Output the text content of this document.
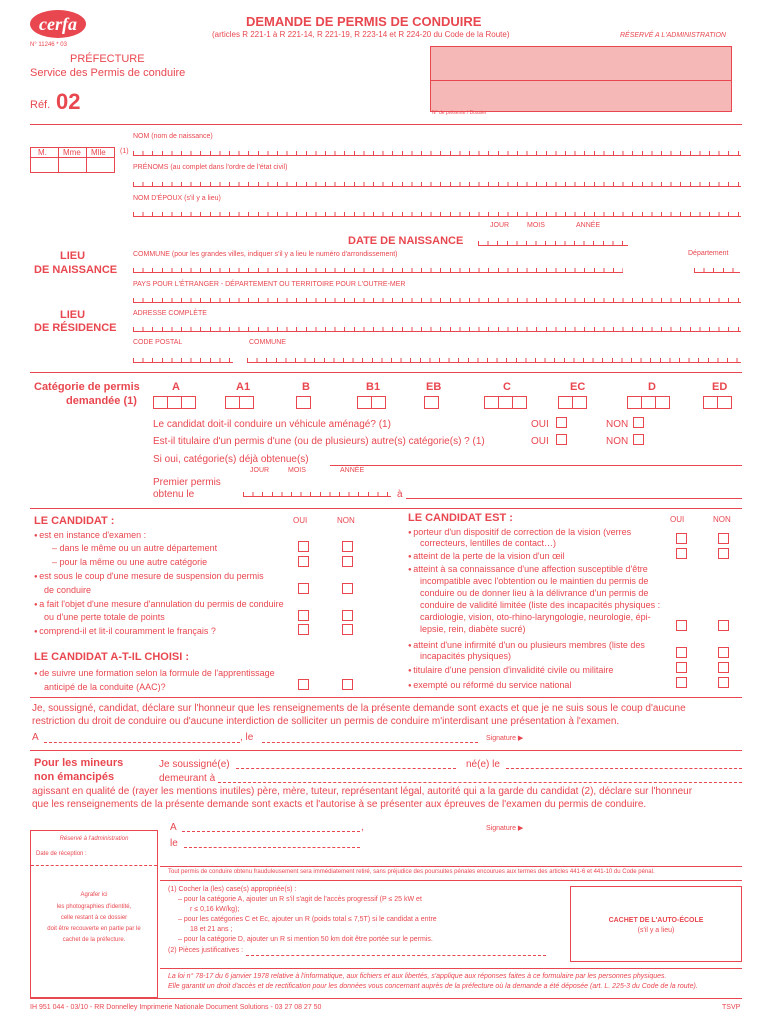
cerfa
N° 11246 * 03
DEMANDE DE PERMIS DE CONDUIRE
(articles R 221-1 à R 221-14, R 221-19, R 223-14 et R 224-20 du Code de la Route)	RÉSERVÉ A L'ADMINISTRATION
PRÉFECTURE
Service des Permis de conduire
Réf. 02	N° de présente / Dossier
M. Mme Mlle (1)
NOM (nom de naissance)
PRÉNOMS (au complet dans l'ordre de l'état civil)
NOM D'ÉPOUX (s'il y a lieu)
DATE DE NAISSANCE
JOUR	MOIS	ANNÉE
LIEU
DE NAISSANCE
COMMUNE (pour les grandes villes, indiquer s'il y a lieu le numéro d'arrondissement)	Département
PAYS POUR L'ÉTRANGER - DÉPARTEMENT OU TERRITOIRE POUR L'OUTRE-MER
LIEU
DE RÉSIDENCE
ADRESSE COMPLÈTE
CODE POSTAL	COMMUNE
Catégorie de permis
demandée (1)
A	A1	B	B1	EB	C	EC	D	ED
Le candidat doit-il conduire un véhicule aménagé? (1)	OUI	NON
Est-il titulaire d'un permis d'une (ou de plusieurs) autre(s) catégorie(s) ? (1)	OUI	NON
Si oui, catégorie(s) déjà obtenue(s)
JOUR	MOIS	ANNÉE
Premier permis
obtenu le	à
LE CANDIDAT :	OUI	NON
● est en instance d'examen :
– dans le même ou un autre département
– pour la même ou une autre catégorie
● est sous le coup d'une mesure de suspension du permis
de conduire
● a fait l'objet d'une mesure d'annulation du permis de conduire
ou d'une perte totale de points
● comprend-il et lit-il couramment le français ?
LE CANDIDAT A-T-IL CHOISI :
● de suivre une formation selon la formule de l'apprentissage
anticipé de la conduite (AAC)?
LE CANDIDAT EST :	OUI	NON
● porteur d'un dispositif de correction de la vision (verres
correcteurs, lentilles de contact…)
● atteint de la perte de la vision d'un œil
● atteint à sa connaissance d'une affection susceptible d'être
incompatible avec l'obtention ou le maintien du permis de
conduire ou de donner lieu à la délivrance d'un permis de
conduire de validité limitée (liste des incapacités physiques :
cardiologie, vision, oto-rhino-laryngologie, neurologie, épi-
lepsie, rein, diabète sucré)
● atteint d'une infirmité d'un ou plusieurs membres (liste des
incapacités physiques)
● titulaire d'une pension d'invalidité civile ou militaire
● exempté ou réformé du service national
Je, soussigné, candidat, déclare sur l'honneur que les renseignements de la présente demande sont exacts et que je ne suis sous le coup d'aucune
restriction du droit de conduire ou d'aucune interdiction de solliciter un permis de conduire m'interdisant une présentation à l'examen.
A	, le	Signature ▶
Pour les mineurs
non émancipés
Je soussigné(e)	né(e) le
demeurant à
agissant en qualité de (rayer les mentions inutiles) père, mère, tuteur, représentant légal, autorité qui a la garde du candidat (2), déclare sur l'honneur
que les renseignements de la présente demande sont exacts et l'autorise à se présenter aux épreuves de l'examen du permis de conduire.
A	,
le
Signature ▶
Réservé à l'administration
Date de réception :
Agrafer ici
les photographies d'identité,
celle restant à ce dossier
doit être recouverte en partie par le
cachet de la préfecture.
Tout permis de conduire obtenu frauduleusement sera immédiatement retiré, sans préjudice des poursuites pénales encourues aux termes des articles 441-6 et 441-10 du Code pénal.
(1) Cocher la (les) case(s) appropriée(s) :
– pour la catégorie A, ajouter un R s'il s'agit de l'accès progressif (P ≤ 25 kW et
r ≤ 0,16 kW/kg);
– pour les catégories C et Ec, ajouter un R (poids total ≤ 7,5T) si le candidat a entre
18 et 21 ans ;
– pour la catégorie D, ajouter un R si mention 50 km doit être portée sur le permis.
(2) Pièces justificatives :
CACHET DE L'AUTO-ÉCOLE
(s'il y a lieu)
La loi n° 78-17 du 6 janvier 1978 relative à l'informatique, aux fichiers et aux libertés, s'applique aux réponses faites à ce formulaire par les personnes physiques.
Elle garantit un droit d'accès et de rectification pour les données vous concernant auprès de la préfecture où la demande a été déposée (art. L. 225-3 du Code de la route).
IH 951 044 - 03/10 - RR Donnelley Imprimerie Nationale Document Solutions - 03 27 08 27 50	TSVP
